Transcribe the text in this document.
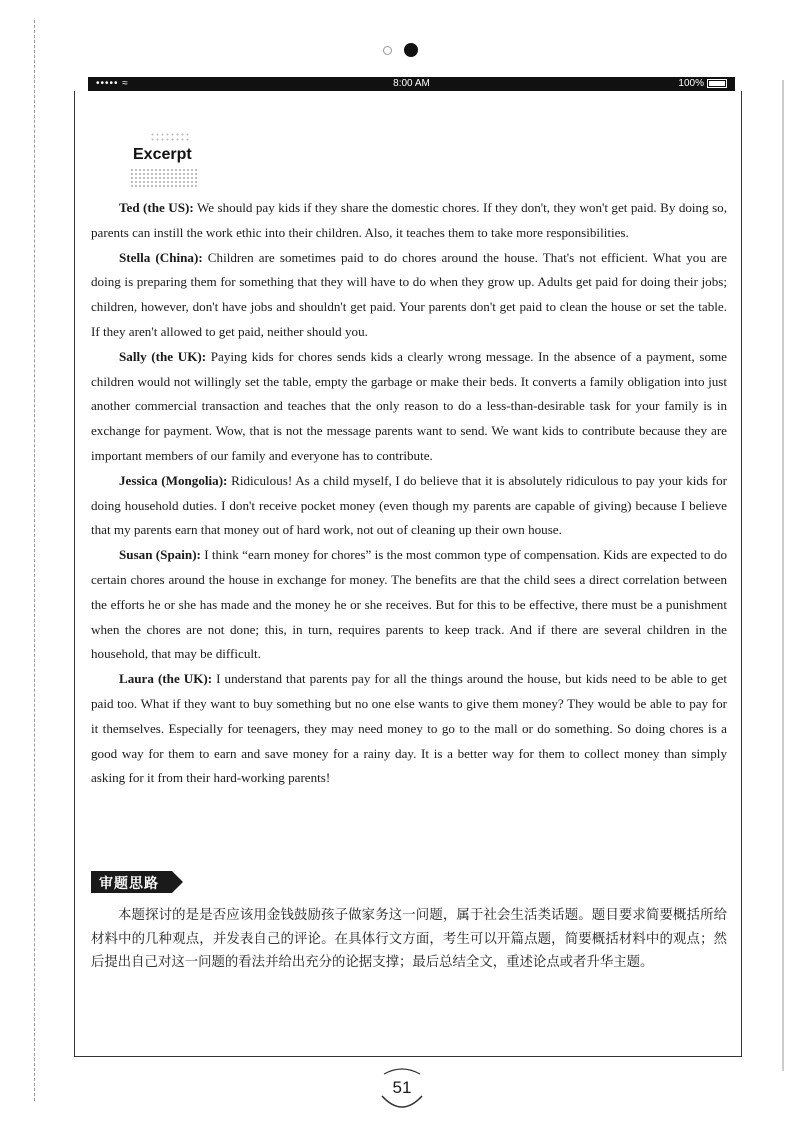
••••• ≈	8:00 AM	100%
Excerpt

Ted (the US): We should pay kids if they share the domestic chores. If they don't, they won't get paid. By doing so, parents can instill the work ethic into their children. Also, it teaches them to take more responsibilities.

Stella (China): Children are sometimes paid to do chores around the house. That's not efficient. What you are doing is preparing them for something that they will have to do when they grow up. Adults get paid for doing their jobs; children, however, don't have jobs and shouldn't get paid. Your parents don't get paid to clean the house or set the table. If they aren't allowed to get paid, neither should you.

Sally (the UK): Paying kids for chores sends kids a clearly wrong message. In the absence of a payment, some children would not willingly set the table, empty the garbage or make their beds. It converts a family obligation into just another commercial transaction and teaches that the only reason to do a less-than-desirable task for your family is in exchange for payment. Wow, that is not the message parents want to send. We want kids to contribute because they are important members of our family and everyone has to contribute.

Jessica (Mongolia): Ridiculous! As a child myself, I do believe that it is absolutely ridiculous to pay your kids for doing household duties. I don't receive pocket money (even though my parents are capable of giving) because I believe that my parents earn that money out of hard work, not out of cleaning up their own house.

Susan (Spain): I think “earn money for chores” is the most common type of compensation. Kids are expected to do certain chores around the house in exchange for money. The benefits are that the child sees a direct correlation between the efforts he or she has made and the money he or she receives. But for this to be effective, there must be a punishment when the chores are not done; this, in turn, requires parents to keep track. And if there are several children in the household, that may be difficult.

Laura (the UK): I understand that parents pay for all the things around the house, but kids need to be able to get paid too. What if they want to buy something but no one else wants to give them money? They would be able to pay for it themselves. Especially for teenagers, they may need money to go to the mall or do something. So doing chores is a good way for them to earn and save money for a rainy day. It is a better way for them to collect money than simply asking for it from their hard-working parents!

审题思路

本题探讨的是是否应该用金钱鼓励孩子做家务这一问题，属于社会生活类话题。题目要求简要概括所给材料中的几种观点，并发表自己的评论。在具体行文方面，考生可以开篇点题，简要概括材料中的观点；然后提出自己对这一问题的看法并给出充分的论据支撑；最后总结全文，重述论点或者升华主题。

51
